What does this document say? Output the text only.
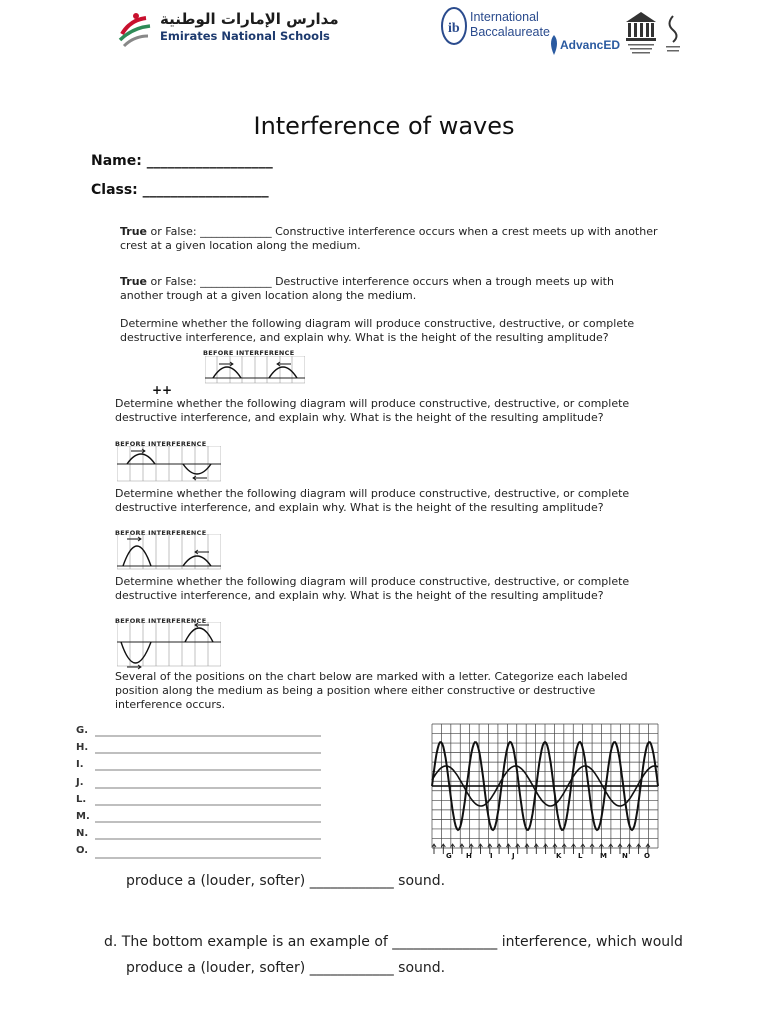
مدارس الإمارات الوطنية
Emirates National Schools	ib
International
Baccalaureate
AdvancED
Interference of waves
Name: __________________
Class: __________________
True or False: _____________ Constructive interference occurs when a crest meets up with another crest at a given location along the medium.
True or False: _____________ Destructive interference occurs when a trough meets up with another trough at a given location along the medium.
Determine whether the following diagram will produce constructive, destructive, or complete destructive interference, and explain why. What is the height of the resulting amplitude?
BEFORE INTERFERENCE
++
Determine whether the following diagram will produce constructive, destructive, or complete destructive interference, and explain why. What is the height of the resulting amplitude?
BEFORE INTERFERENCE
Determine whether the following diagram will produce constructive, destructive, or complete destructive interference, and explain why. What is the height of the resulting amplitude?
BEFORE INTERFERENCE
Determine whether the following diagram will produce constructive, destructive, or complete destructive interference, and explain why. What is the height of the resulting amplitude?
BEFORE INTERFERENCE
Several of the positions on the chart below are marked with a letter. Categorize each labeled position along the medium as being a position where either constructive or destructive interference occurs.
G.
H.
I.
J.
L.
M.
N.
O.	G H	I	J	K L	M N O
produce a (louder, softer) ____________ sound.
d. The bottom example is an example of _______________ interference, which would
produce a (louder, softer) ____________ sound.
